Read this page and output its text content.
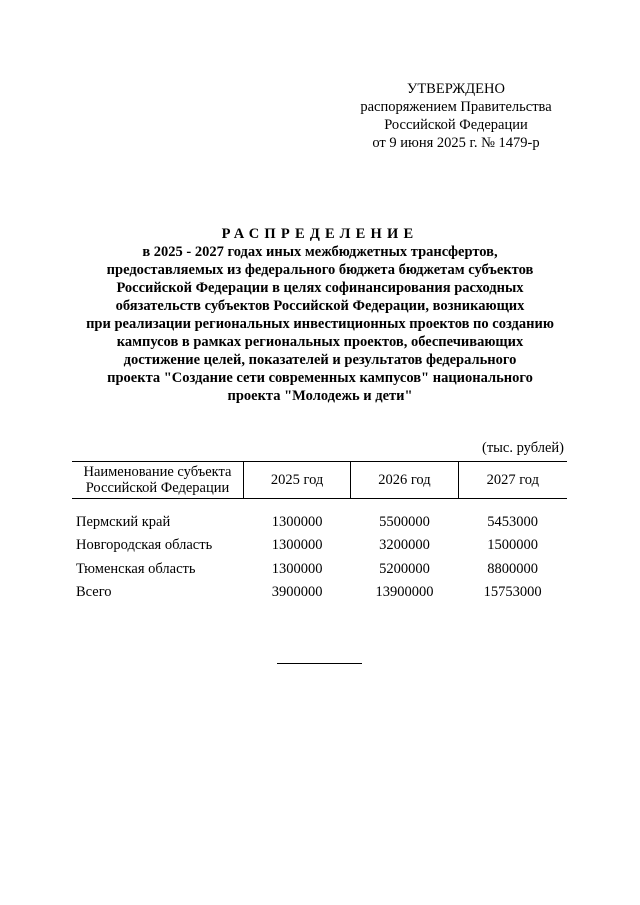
УТВЕРЖДЕНО
распоряжением Правительства
Российской Федерации
от 9 июня 2025 г. № 1479-р
РАСПРЕДЕЛЕНИЕ
в 2025 - 2027 годах иных межбюджетных трансфертов,
предоставляемых из федерального бюджета бюджетам субъектов
Российской Федерации в целях софинансирования расходных
обязательств субъектов Российской Федерации, возникающих
при реализации региональных инвестиционных проектов по созданию
кампусов в рамках региональных проектов, обеспечивающих
достижение целей, показателей и результатов федерального
проекта "Создание сети современных кампусов" национального
проекта "Молодежь и дети"
(тыс. рублей)
Наименование субъекта
Российской Федерации	2025 год	2026 год	2027 год

Пермский край	1300000	5500000	5453000
Новгородская область	1300000	3200000	1500000
Тюменская область	1300000	5200000	8800000
Всего	3900000	13900000	15753000
